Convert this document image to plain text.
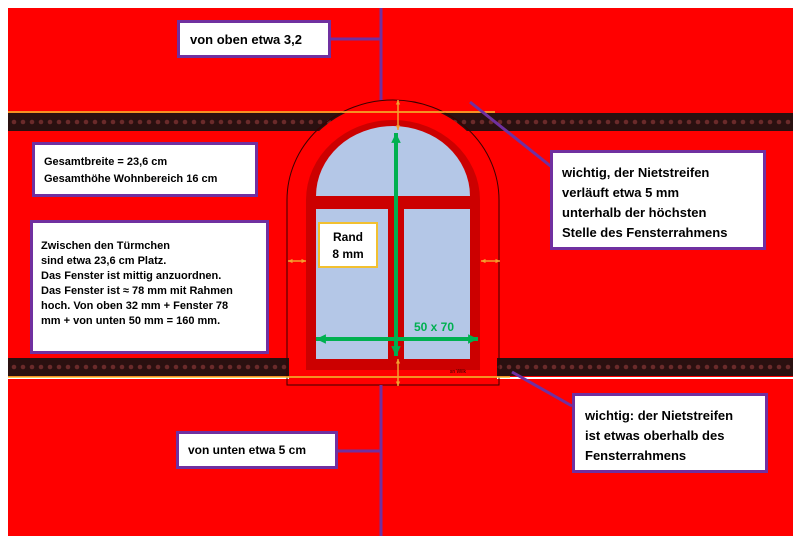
sn Wilk
50 x 70

von oben etwa 3,2

von unten etwa 5 cm

Gesamtbreite = 23,6 cm

Gesamthöhe Wohnbereich 16 cm

Zwischen den Türmchen

sind etwa 23,6 cm Platz.

Das Fenster ist mittig anzuordnen.

Das Fenster ist ≈ 78 mm mit Rahmen

hoch. Von oben 32 mm + Fenster 78

mm + von unten 50 mm = 160 mm.

Rand

8 mm

wichtig, der Nietstreifen

verläuft etwa 5 mm

unterhalb der höchsten

Stelle des Fensterrahmens

wichtig: der Nietstreifen

ist etwas oberhalb des

Fensterrahmens
